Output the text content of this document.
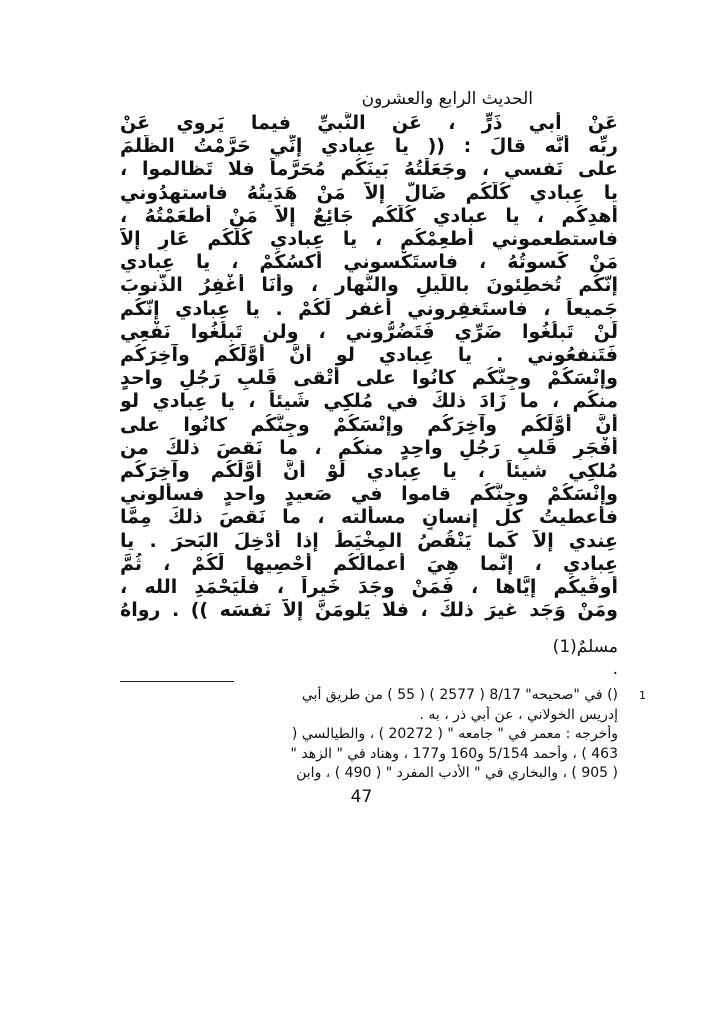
الحديث الرابع والعشرون
عَنْ أبي ذَرٍّ ، عَن النَّبيِّ فيما يَروي عَنْ
ربِّه أنَّه قالَ : (( يا عِبادي إنِّي حَرَّمْتُ الظُّلمَ
على نَفسي ، وجَعَلْتُهُ بَينَكُم مُحَرَّماً فلا تَظالموا ،
يا عِبادي كُلُّكُم ضَالٌّ إلاَّ مَنْ هَدَيتُهُ فاستهدُوني
أهدِكُم ، يا عبادي كُلُّكُم جَائِعٌ إلاَّ مَنْ أطعَمْتُهُ ،
فاستطعموني أُطعِمْكُم ، يا عِبادي كُلُّكُم عَارٍ إلاَّ
مَنْ كَسوتُهُ ، فاستَكْسوني أكسُكُمْ ، يا عِبادي
إنّكُم تُخطِئونَ باللَّيلِ والنَّهار ، وأنَا أَغْفِرُ الذُّنوبَ
جَميعاً ، فاستَغفِروني أغفر لَكُمْ . يا عِبادي إنّكُم
لَنْ تَبلُغُوا ضَرِّي فَتَضُرُّوني ، ولن تَبلُغُوا نَفْعِي
فَتَنفعُوني . يا عِبادي لو أنَّ أوَّلَكُم وآخِرَكُم
وإنْسَكُمْ وجِنَّكُم كانُوا على أتْقى قَلبِ رَجُلٍ واحدٍ
منكُم ، ما زَادَ ذلكَ في مُلكِي شَيئاً ، يا عِبادي لو
أنَّ أوَّلَكُم وآخِرَكُم وإنْسَكُمْ وجِنَّكُم كانُوا على
أفْجَرِ قَلبِ رَجُلٍ واحِدٍ منكُم ، ما نَقصَ ذلكَ من
مُلكِي شيئاً ، يا عِبادي لَوْ أنَّ أوَّلَكُم وآخِرَكُم
وإنْسَكُمْ وجِنَّكُم قاموا في صَعيدٍ واحدٍ فسألوني
فأعطيتُ كل إنسانٍ مسألته ، ما نَقصَ ذلكَ مِمَّا
عِندي إلاَّ كَما يَنْقُصُ المِخْيَطُ إذا أُدْخِلَ البَحرَ . يا
عِبادي ، إنَّما هِيَ أعمالُكُم أُحْصِيها لَكُمْ ، ثُمَّ
أوفِّيكُم إيَّاها ، فَمَنْ وجَدَ خَيراً ، فلْيَحْمَدِ الله ،
ومَنْ وَجَد غيرَ ذلكَ ، فلا يَلومَنَّ إلاَّ نَفسَه )) . رواهُ
مسلمٌ(1)
.
1
() في "صحيحه" 8/17 ( 2577 ) ( 55 ) من طريق أبي
إدريس الخولاني ، عن أبي ذر ، به .
وأخرجه : معمر في " جامعه " ( 20272 ) ، والطيالسي (
463 ) ، وأحمد 5/154 و160 و177 ، وهناد في " الزهد "
( 905 ) ، والبخاري في " الأدب المفرد " ( 490 ) ، وابن
47
